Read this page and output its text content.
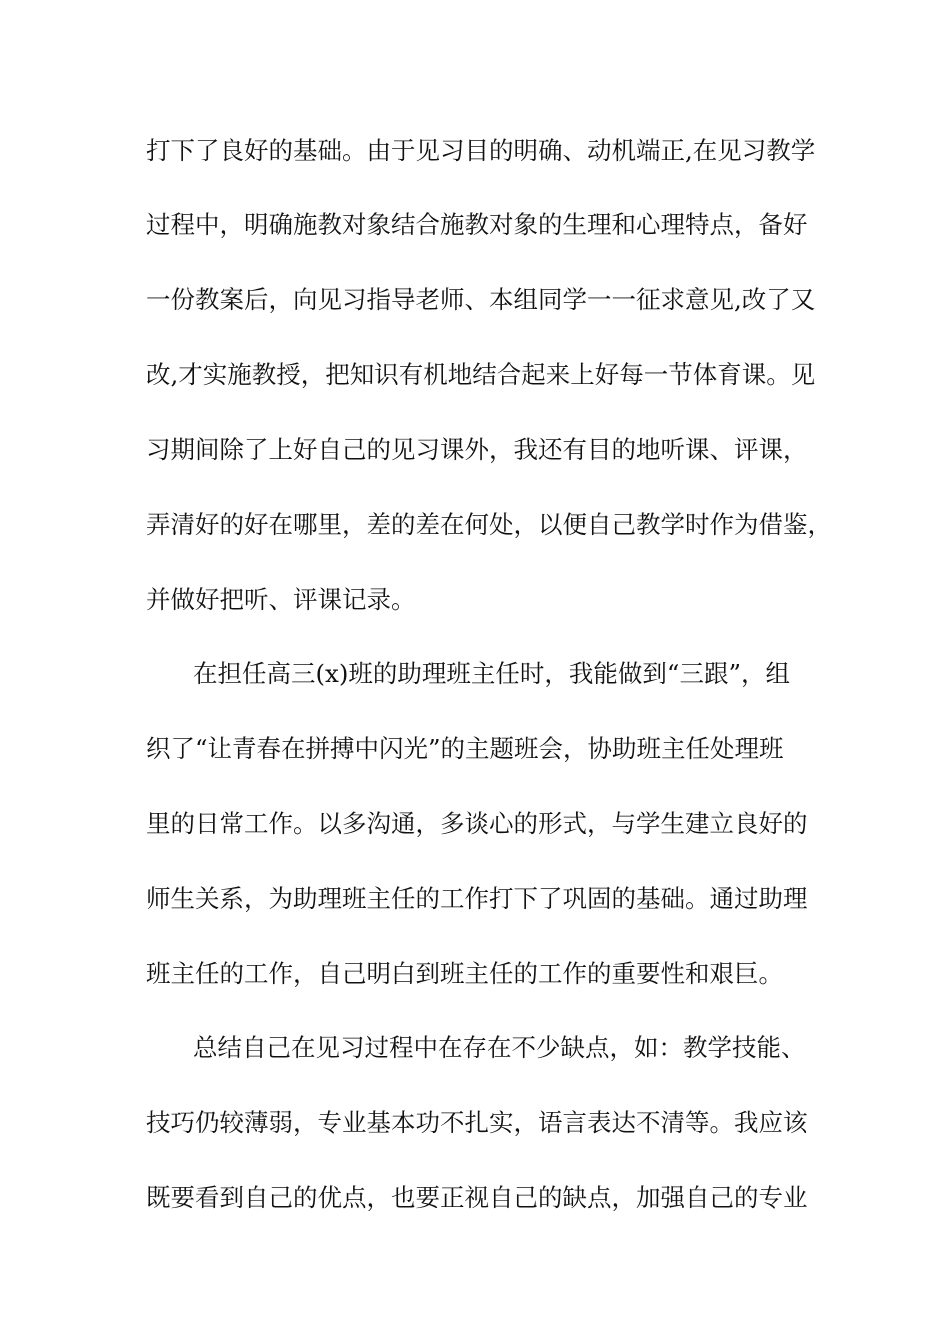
打下了良好的基础。由于见习目的明确、动机端正,在见习教学
过程中，明确施教对象结合施教对象的生理和心理特点，备好
一份教案后，向见习指导老师、本组同学一一征求意见,改了又
改,才实施教授，把知识有机地结合起来上好每一节体育课。见
习期间除了上好自己的见习课外，我还有目的地听课、评课，
弄清好的好在哪里，差的差在何处，以便自己教学时作为借鉴，
并做好把听、评课记录。
在担任高三(x)班的助理班主任时，我能做到“三跟”，组
织了“让青春在拼搏中闪光”的主题班会，协助班主任处理班
里的日常工作。以多沟通，多谈心的形式，与学生建立良好的
师生关系，为助理班主任的工作打下了巩固的基础。通过助理
班主任的工作，自己明白到班主任的工作的重要性和艰巨。
总结自己在见习过程中在存在不少缺点，如：教学技能、
技巧仍较薄弱，专业基本功不扎实，语言表达不清等。我应该
既要看到自己的优点，也要正视自己的缺点，加强自己的专业
